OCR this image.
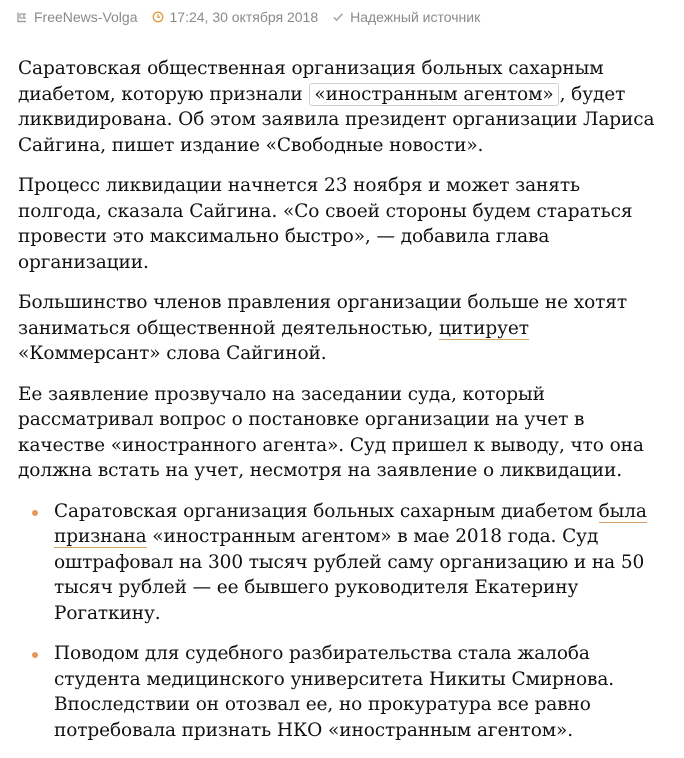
FreeNews-Volga 17:24, 30 октября 2018 Надежный источник

Саратовская общественная организация больных сахарным диабетом, которую признали «иностранным агентом» , будет ликвидирована. Об этом заявила президент организации Лариса Сайгина, пишет издание «Свободные новости».

Процесс ликвидации начнется 23 ноября и может занять полгода, сказала Сайгина. «Со своей стороны будем стараться провести это максимально быстро», — добавила глава организации.

Большинство членов правления организации больше не хотят заниматься общественной деятельностью, цитирует «Коммерсант» слова Сайгиной.

Ее заявление прозвучало на заседании суда, который рассматривал вопрос о постановке организации на учет в качестве «иностранного агента». Суд пришел к выводу, что она должна встать на учет, несмотря на заявление о ликвидации.

Саратовская организация больных сахарным диабетом была признана «иностранным агентом» в мае 2018 года. Суд оштрафовал на 300 тысяч рублей саму организацию и на 50 тысяч рублей — ее бывшего руководителя Екатерину Рогаткину.
Поводом для судебного разбирательства стала жалоба студента медицинского университета Никиты Смирнова. Впоследствии он отозвал ее, но прокуратура все равно потребовала признать НКО «иностранным агентом».
